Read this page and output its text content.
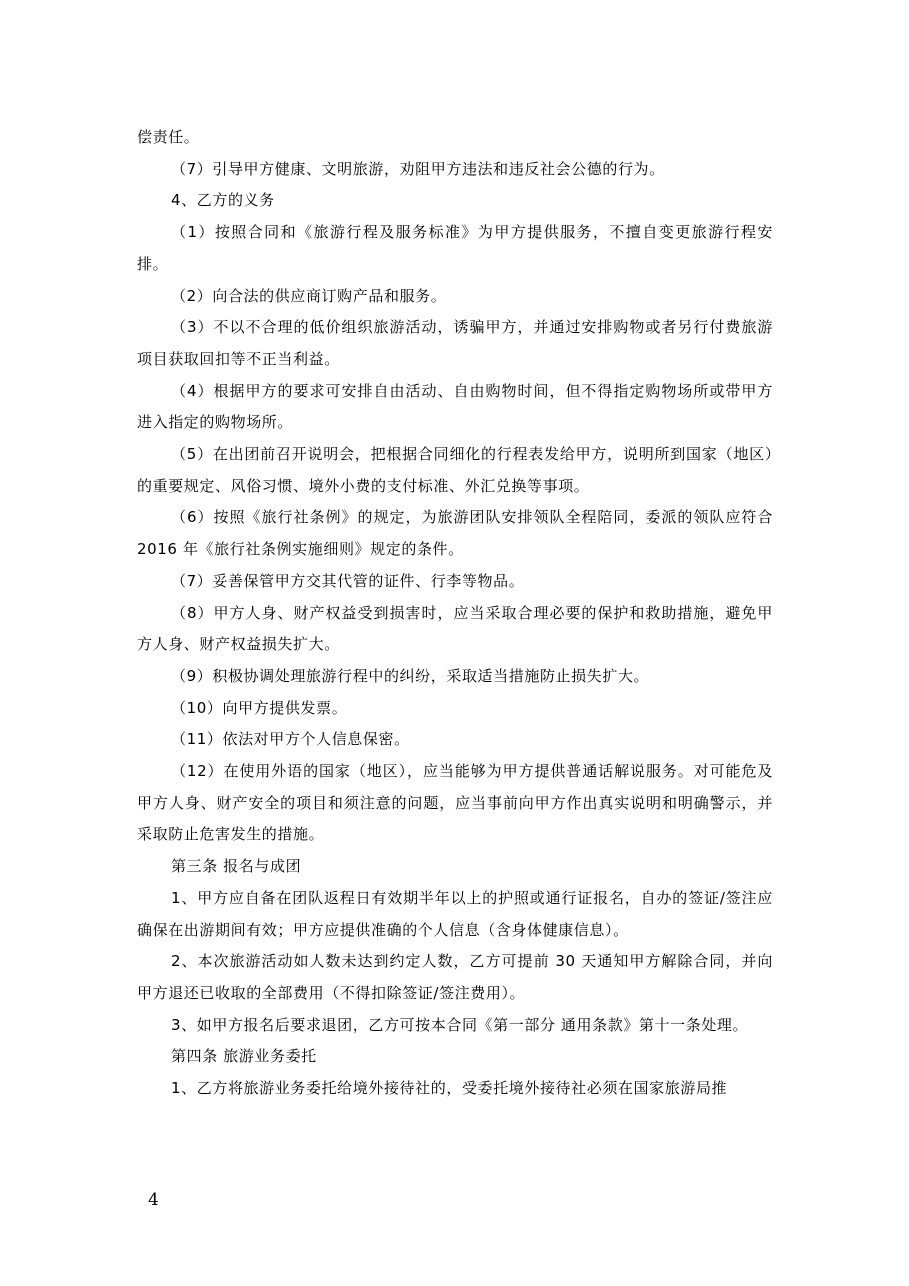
偿责任。

（7）引导甲方健康、文明旅游，劝阻甲方违法和违反社会公德的行为。

4、乙方的义务

（1）按照合同和《旅游行程及服务标准》为甲方提供服务，不擅自变更旅游行程安排。

（2）向合法的供应商订购产品和服务。

（3）不以不合理的低价组织旅游活动，诱骗甲方，并通过安排购物或者另行付费旅游项目获取回扣等不正当利益。

（4）根据甲方的要求可安排自由活动、自由购物时间，但不得指定购物场所或带甲方进入指定的购物场所。

（5）在出团前召开说明会，把根据合同细化的行程表发给甲方，说明所到国家（地区）的重要规定、风俗习惯、境外小费的支付标准、外汇兑换等事项。

（6）按照《旅行社条例》的规定，为旅游团队安排领队全程陪同，委派的领队应符合 2016 年《旅行社条例实施细则》规定的条件。

（7）妥善保管甲方交其代管的证件、行李等物品。

（8）甲方人身、财产权益受到损害时，应当采取合理必要的保护和救助措施，避免甲方人身、财产权益损失扩大。

（9）积极协调处理旅游行程中的纠纷，采取适当措施防止损失扩大。

（10）向甲方提供发票。

（11）依法对甲方个人信息保密。

（12）在使用外语的国家（地区），应当能够为甲方提供普通话解说服务。对可能危及甲方人身、财产安全的项目和须注意的问题，应当事前向甲方作出真实说明和明确警示，并采取防止危害发生的措施。

第三条 报名与成团

1、甲方应自备在团队返程日有效期半年以上的护照或通行证报名，自办的签证/签注应确保在出游期间有效；甲方应提供准确的个人信息（含身体健康信息）。

2、本次旅游活动如人数未达到约定人数，乙方可提前 30 天通知甲方解除合同，并向甲方退还已收取的全部费用（不得扣除签证/签注费用）。

3、如甲方报名后要求退团，乙方可按本合同《第一部分 通用条款》第十一条处理。

第四条 旅游业务委托

1、乙方将旅游业务委托给境外接待社的，受委托境外接待社必须在国家旅游局推

4
